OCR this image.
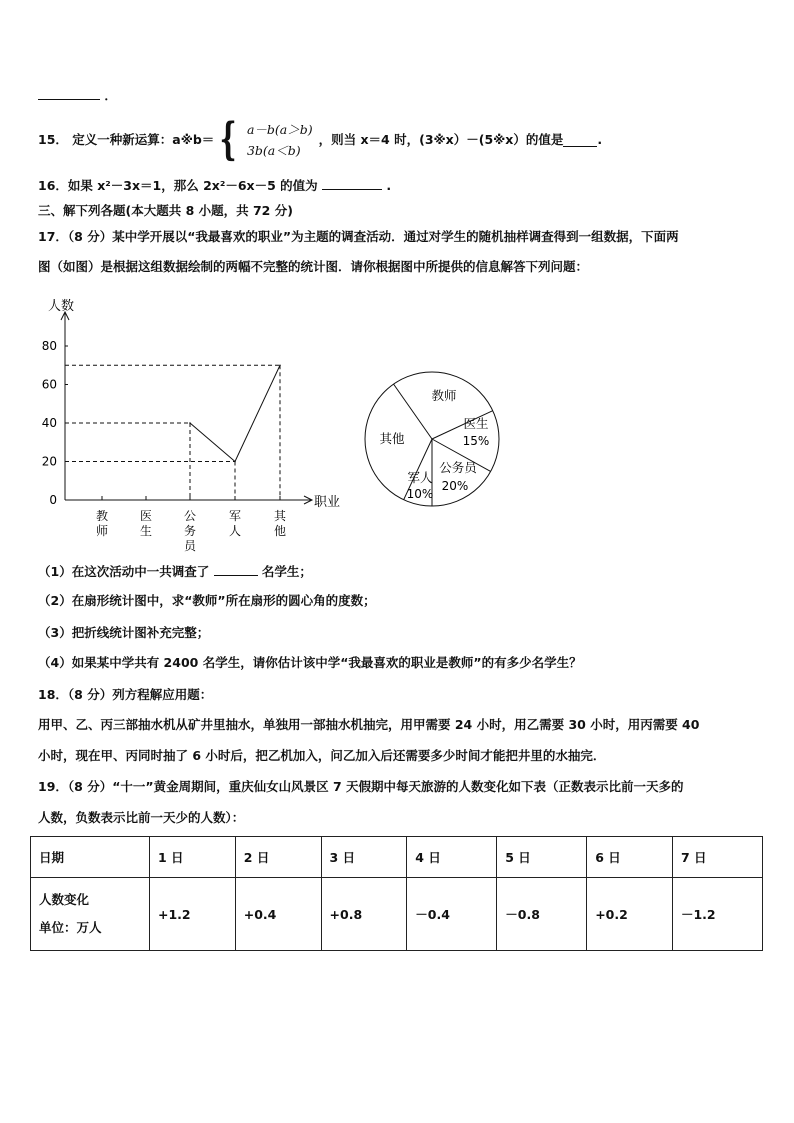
．
15．
定义一种新运算：a※b＝ { a－b(a＞b)
3b(a＜b)
，则当 x＝4 时，(3※x）－(5※x）的值是	.
16．如果 x²－3x＝1，那么 2x²－6x－5 的值为	.
三、解下列各题(本大题共 8 小题，共 72 分)
17．（8 分）某中学开展以“我最喜欢的职业”为主题的调查活动．通过对学生的随机抽样调查得到一组数据，下面两
图（如图）是根据这组数据绘制的两幅不完整的统计图．请你根据图中所提供的信息解答下列问题：
0
20
40
60
80
教
师
医
生
公
务
员
军
人
其
他
人数
职业
教师
医生
15%
公务员
20%
军人
10%
其他
（1）在这次活动中一共调查了	名学生；
（2）在扇形统计图中，求“教师”所在扇形的圆心角的度数；
（3）把折线统计图补充完整；
（4）如果某中学共有 2400 名学生，请你估计该中学“我最喜欢的职业是教师”的有多少名学生？
18．（8 分）列方程解应用题：
用甲、乙、丙三部抽水机从矿井里抽水，单独用一部抽水机抽完，用甲需要 24 小时，用乙需要 30 小时，用丙需要 40
小时，现在甲、丙同时抽了 6 小时后，把乙机加入，问乙加入后还需要多少时间才能把井里的水抽完．
19．（8 分）“十一”黄金周期间，重庆仙女山风景区 7 天假期中每天旅游的人数变化如下表（正数表示比前一天多的
人数，负数表示比前一天少的人数）：
日期	1 日	2 日	3 日	4 日	5 日	6 日	7 日

人数变化
单位：万人	+1.2	+0.4	+0.8	－0.4	－0.8	+0.2	－1.2
